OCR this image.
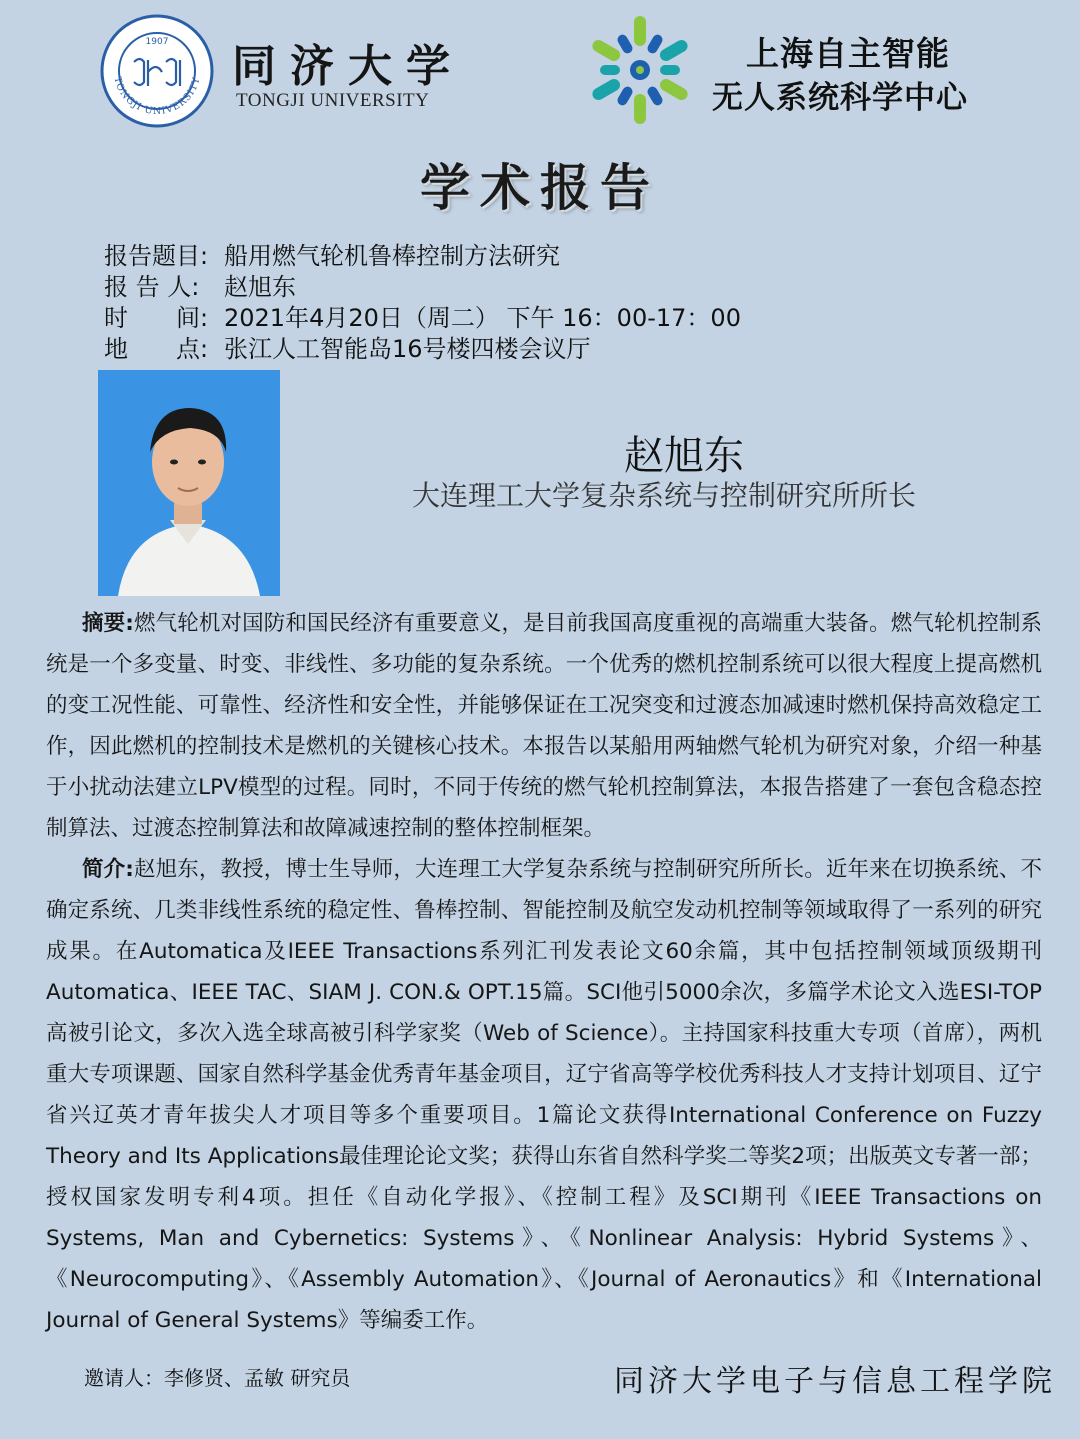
1907
TONGJI UNIVERSITY 同济大学
TONGJI UNIVERSITY
上海自主智能
无人系统科学中心
学术报告
报告题目: 船用燃气轮机鲁棒控制方法研究
报 告 人: 赵旭东
时　　间: 2021年4月20日（周二） 下午 16：00-17：00
地　　点: 张江人工智能岛16号楼四楼会议厅
赵旭东
大连理工大学复杂系统与控制研究所所长
摘要:燃气轮机对国防和国民经济有重要意义，是目前我国高度重视的高端重大装备。燃气轮机控制系统是一个多变量、时变、非线性、多功能的复杂系统。一个优秀的燃机控制系统可以很大程度上提高燃机的变工况性能、可靠性、经济性和安全性，并能够保证在工况突变和过渡态加减速时燃机保持高效稳定工作，因此燃机的控制技术是燃机的关键核心技术。本报告以某船用两轴燃气轮机为研究对象，介绍一种基于小扰动法建立LPV模型的过程。同时，不同于传统的燃气轮机控制算法，本报告搭建了一套包含稳态控制算法、过渡态控制算法和故障减速控制的整体控制框架。
简介:赵旭东，教授，博士生导师，大连理工大学复杂系统与控制研究所所长。近年来在切换系统、不确定系统、几类非线性系统的稳定性、鲁棒控制、智能控制及航空发动机控制等领域取得了一系列的研究成果。在Automatica及IEEE Transactions系列汇刊发表论文60余篇，其中包括控制领域顶级期刊Automatica、IEEE TAC、SIAM J. CON.& OPT.15篇。SCI他引5000余次，多篇学术论文入选ESI-TOP高被引论文，多次入选全球高被引科学家奖（Web of Science）。主持国家科技重大专项（首席），两机重大专项课题、国家自然科学基金优秀青年基金项目，辽宁省高等学校优秀科技人才支持计划项目、辽宁省兴辽英才青年拔尖人才项目等多个重要项目。1篇论文获得International Conference on Fuzzy Theory and Its Applications最佳理论论文奖；获得山东省自然科学奖二等奖2项；出版英文专著一部；授权国家发明专利4项。担任《自动化学报》、《控制工程》及SCI期刊《IEEE Transactions on Systems, Man and Cybernetics: Systems》、《Nonlinear Analysis: Hybrid Systems》、《Neurocomputing》、《Assembly Automation》、《Journal of Aeronautics》和《International Journal of General Systems》等编委工作。
邀请人：李修贤、孟敏 研究员	同济大学电子与信息工程学院
